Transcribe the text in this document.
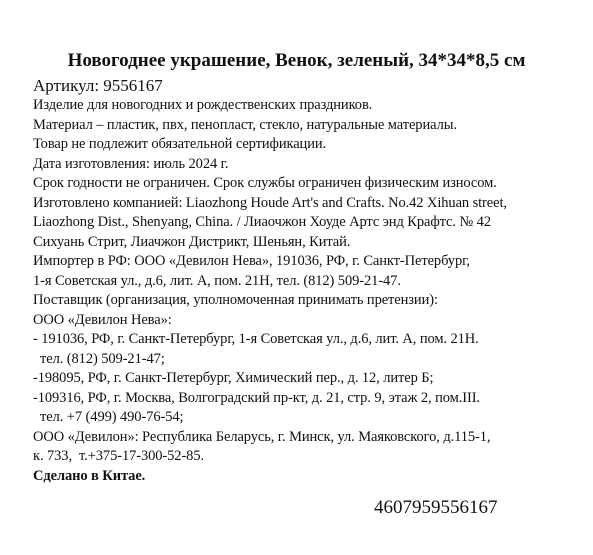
Новогоднее украшение, Венок, зеленый, 34*34*8,5 см

Артикул: 9556167

Изделие для новогодних и рождественских праздников.
Материал – пластик, пвх, пенопласт, стекло, натуральные материалы.
Товар не подлежит обязательной сертификации.
Дата изготовления: июль 2024 г.
Срок годности не ограничен. Срок службы ограничен физическим износом.
Изготовлено компанией: Liaozhong Houde Art's and Crafts. No.42 Xihuan street,
Liaozhong Dist., Shenyang, China. / Лиаочжон Хоуде Артс энд Крафтс. № 42
Сихуань Стрит, Лиачжон Дистрикт, Шеньян, Китай.
Импортер в РФ: ООО «Девилон Нева», 191036, РФ, г. Санкт-Петербург,
1-я Советская ул., д.6, лит. А, пом. 21Н, тел. (812) 509-21-47.
Поставщик (организация, уполномоченная принимать претензии):
ООО «Девилон Нева»:
- 191036, РФ, г. Санкт-Петербург, 1-я Советская ул., д.6, лит. А, пом. 21Н.
тел. (812) 509-21-47;
-198095, РФ, г. Санкт-Петербург, Химический пер., д. 12, литер Б;
-109316, РФ, г. Москва, Волгоградский пр-кт, д. 21, стр. 9, этаж 2, пом.III.
тел. +7 (499) 490-76-54;
ООО «Девилон»: Республика Беларусь, г. Минск, ул. Маяковского, д.115-1,
к. 733,  т.+375-17-300-52-85.
Сделано в Китае.

4607959556167
